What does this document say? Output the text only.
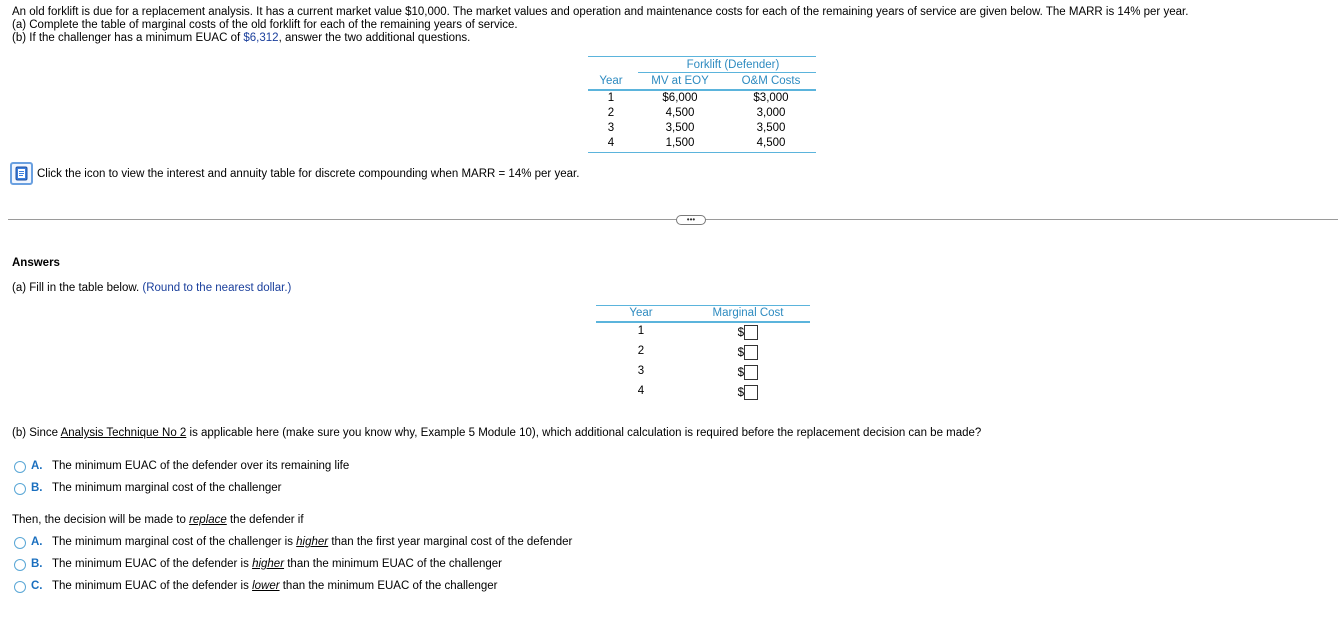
An old forklift is due for a replacement analysis. It has a current market value $10,000. The market values and operation and maintenance costs for each of the remaining years of service are given below. The MARR is 14% per year.
(a) Complete the table of marginal costs of the old forklift for each of the remaining years of service.
(b) If the challenger has a minimum EUAC of $6,312, answer the two additional questions.
Forklift (Defender)
Year	MV at EOY	O&M Costs
1	$6,000	$3,000
2	4,500	3,000
3	3,500	3,500
4	1,500	4,500
Click the icon to view the interest and annuity table for discrete compounding when MARR = 14% per year.
•••
Answers
(a) Fill in the table below. (Round to the nearest dollar.)
Year	Marginal Cost
1	$
2	$
3	$
4	$
(b) Since Analysis Technique No 2 is applicable here (make sure you know why, Example 5 Module 10), which additional calculation is required before the replacement decision can be made?
A. The minimum EUAC of the defender over its remaining life
B. The minimum marginal cost of the challenger
Then, the decision will be made to replace the defender if
A. The minimum marginal cost of the challenger is higher than the first year marginal cost of the defender
B. The minimum EUAC of the defender is higher than the minimum EUAC of the challenger
C. The minimum EUAC of the defender is lower than the minimum EUAC of the challenger
